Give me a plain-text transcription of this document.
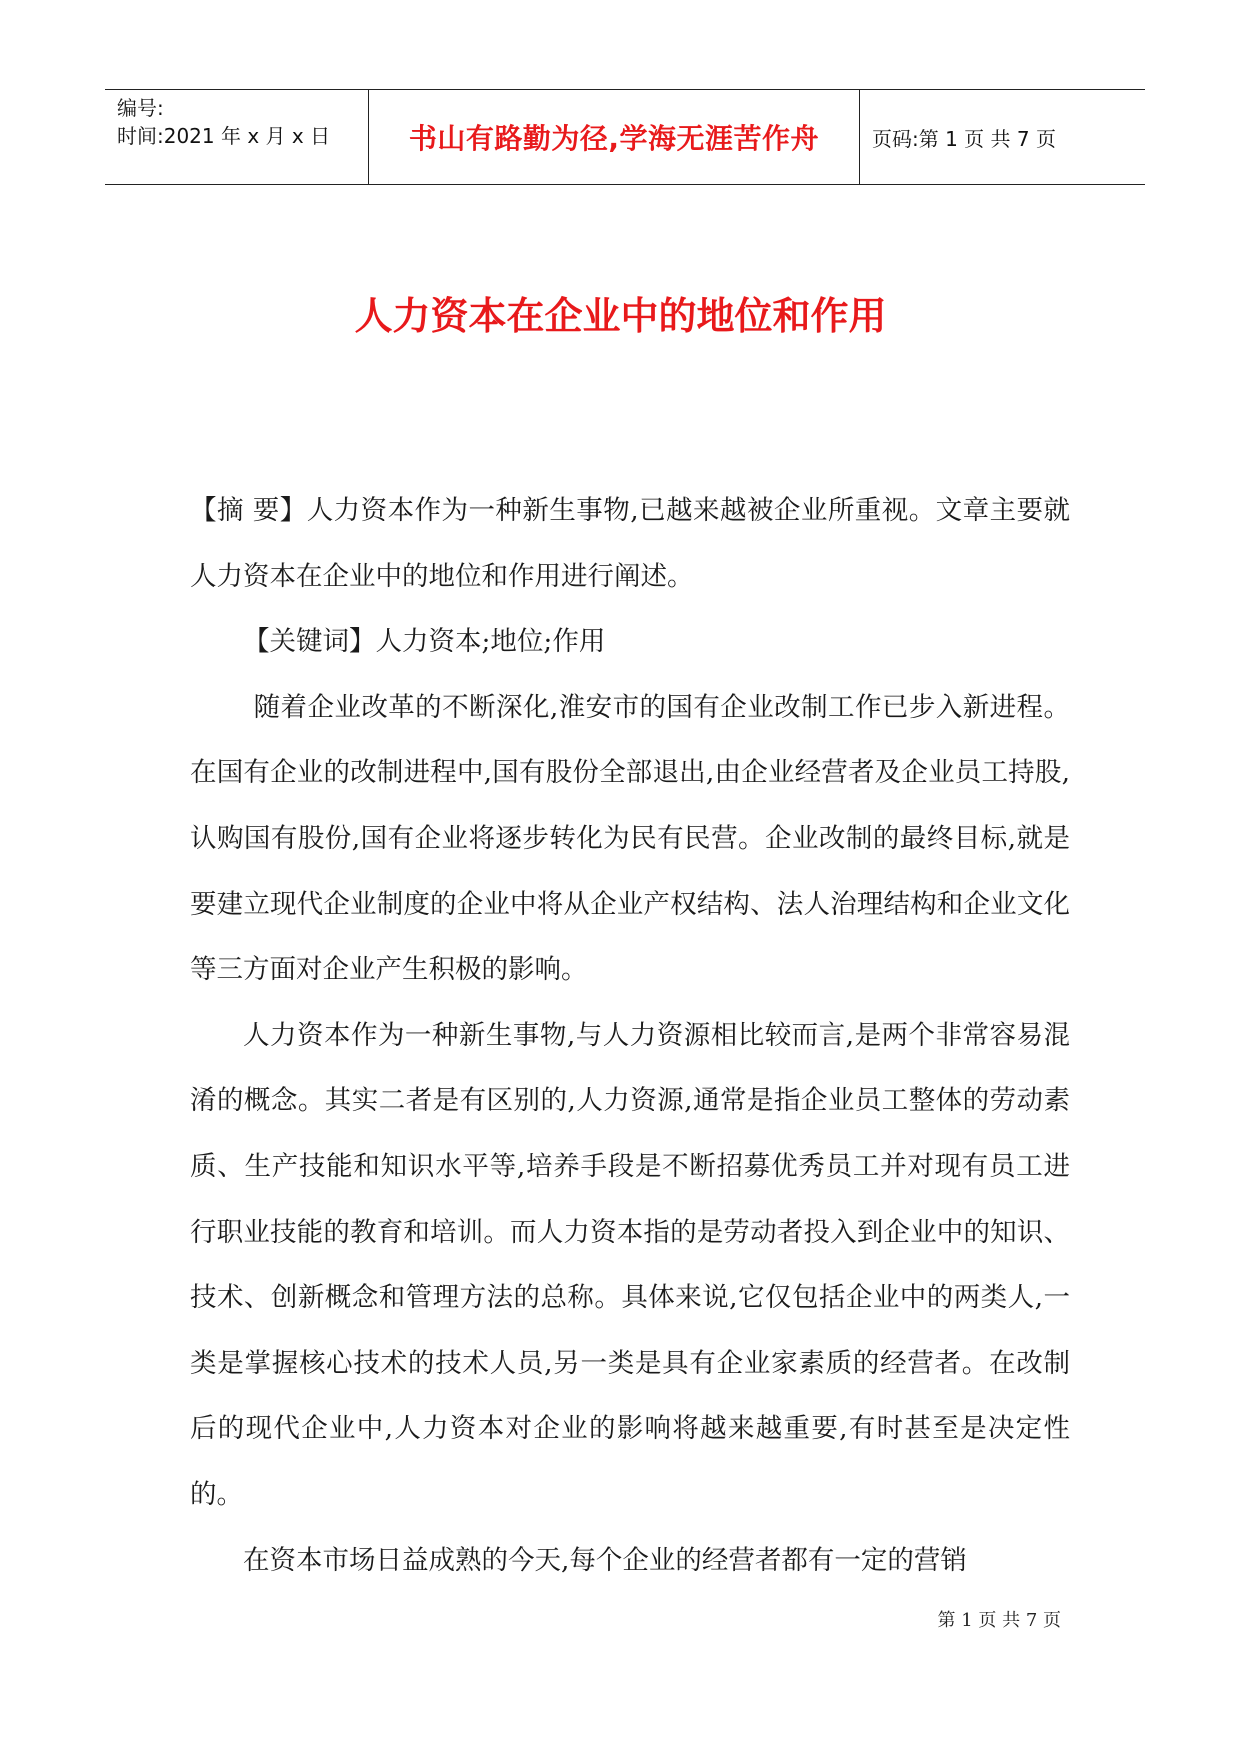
编号:
时间:2021 年 x 月 x 日	书山有路勤为径,学海无涯苦作舟	页码:第 1 页 共 7 页
人力资本在企业中的地位和作用

【摘 要】人力资本作为一种新生事物,已越来越被企业所重视。文章主要就人力资本在企业中的地位和作用进行阐述。

【关键词】人力资本;地位;作用

随着企业改革的不断深化,淮安市的国有企业改制工作已步入新进程。在国有企业的改制进程中,国有股份全部退出,由企业经营者及企业员工持股,认购国有股份,国有企业将逐步转化为民有民营。企业改制的最终目标,就是要建立现代企业制度的企业中将从企业产权结构、法人治理结构和企业文化等三方面对企业产生积极的影响。

人力资本作为一种新生事物,与人力资源相比较而言,是两个非常容易混淆的概念。其实二者是有区别的,人力资源,通常是指企业员工整体的劳动素质、生产技能和知识水平等,培养手段是不断招募优秀员工并对现有员工进行职业技能的教育和培训。而人力资本指的是劳动者投入到企业中的知识、技术、创新概念和管理方法的总称。具体来说,它仅包括企业中的两类人,一类是掌握核心技术的技术人员,另一类是具有企业家素质的经营者。在改制后的现代企业中,人力资本对企业的影响将越来越重要,有时甚至是决定性的。

在资本市场日益成熟的今天,每个企业的经营者都有一定的营销

第 1 页 共 7 页
